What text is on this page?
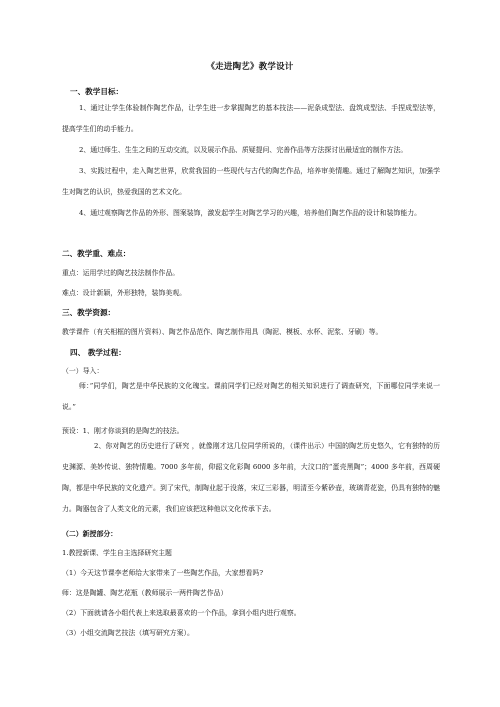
《走进陶艺》教学设计
一、教学目标：
1、通过让学生体验制作陶艺作品，让学生进一步掌握陶艺的基本技法——泥条成型法、盘筑成型法、手捏成型法等，提高学生们的动手能力。
2、通过师生、生生之间的互动交流，以及展示作品、质疑提问、完善作品等方法探讨出最适宜的制作方法。
3、实践过程中，走入陶艺世界，欣赏我国的一些现代与古代的陶艺作品，培养审美情趣。通过了解陶艺知识，加强学生对陶艺的认识，热爱我国的艺术文化。
4、通过观察陶艺作品的外形、图案装饰，激发起学生对陶艺学习的兴趣，培养他们陶艺作品的设计和装饰能力。
二、教学重、难点：
重点：运用学过的陶艺技法制作作品。
难点：设计新颖，外形独特，装饰美观。
三、教学资源：
教学课件（有关相框的图片资料）、陶艺作品范作、陶艺制作用具（陶泥、模板、水杯、泥浆、牙刷）等。
四、 教学过程：
（一）导入：
师：”同学们，陶艺是中华民族的文化瑰宝。课前同学们已经对陶艺的相关知识进行了调查研究，下面哪位同学来说一说。”
预设：1、刚才你谈到的是陶艺的技法。
2、你对陶艺的历史进行了研究 ，就像刚才这几位同学所说的，（课件出示）中国的陶艺历史悠久，它有独特的历史渊源、美妙传说、独特情趣。7000 多年前，仰韶文化彩陶 6000 多年前，大汶口的“蛋壳黑陶”；4000 多年前，西周硬陶，都是中华民族的文化遗产。到了宋代，制陶业起于没落，宋辽三彩器，明清至今紫砂壶，玻璃青花瓷，仍具有独特的魅力。陶器包含了人类文化的元素，我们应该把这种他以文化传承下去。
（二）新授部分：
1.教授新课、学生自主选择研究主题
（1）今天这节课李老师给大家带来了一些陶艺作品，大家想看吗?
师：这是陶罐、陶艺花瓶（教师展示一两件陶艺作品）
（2）下面就请各小组代表上来选取最喜欢的一个作品，拿到小组内进行观察。
（3）小组交流陶艺技法（填写研究方案）。
